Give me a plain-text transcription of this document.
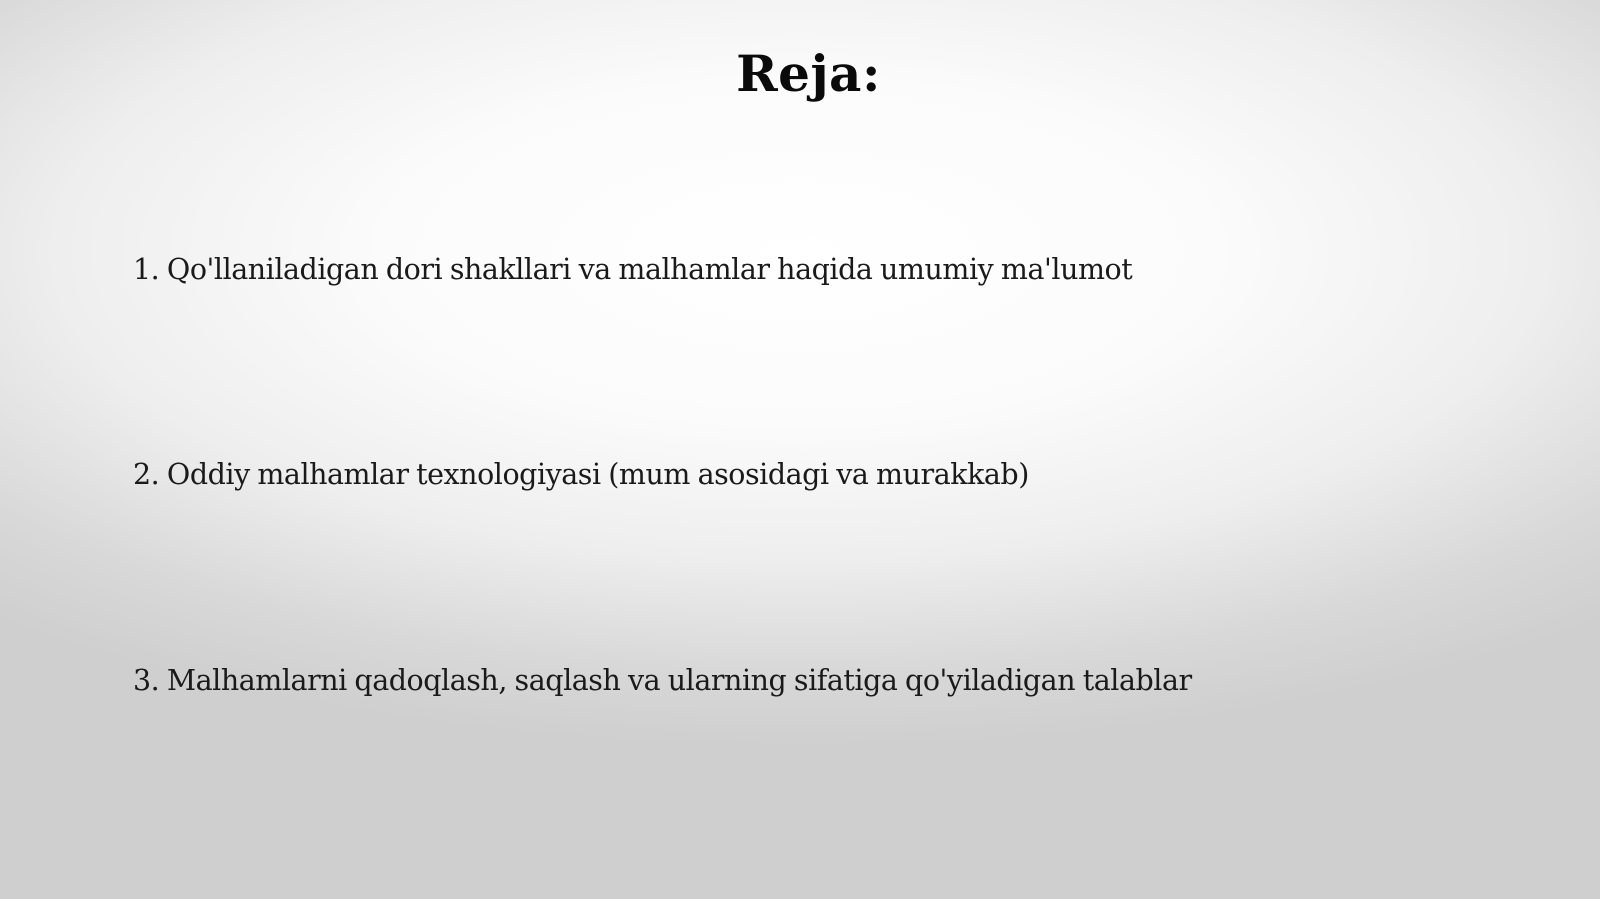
Reja:
1. Qo'llaniladigan dori shakllari va malhamlar haqida umumiy ma'lumot
2. Oddiy malhamlar texnologiyasi (mum asosidagi va murakkab)
3. Malhamlarni qadoqlash, saqlash va ularning sifatiga qo'yiladigan talablar
